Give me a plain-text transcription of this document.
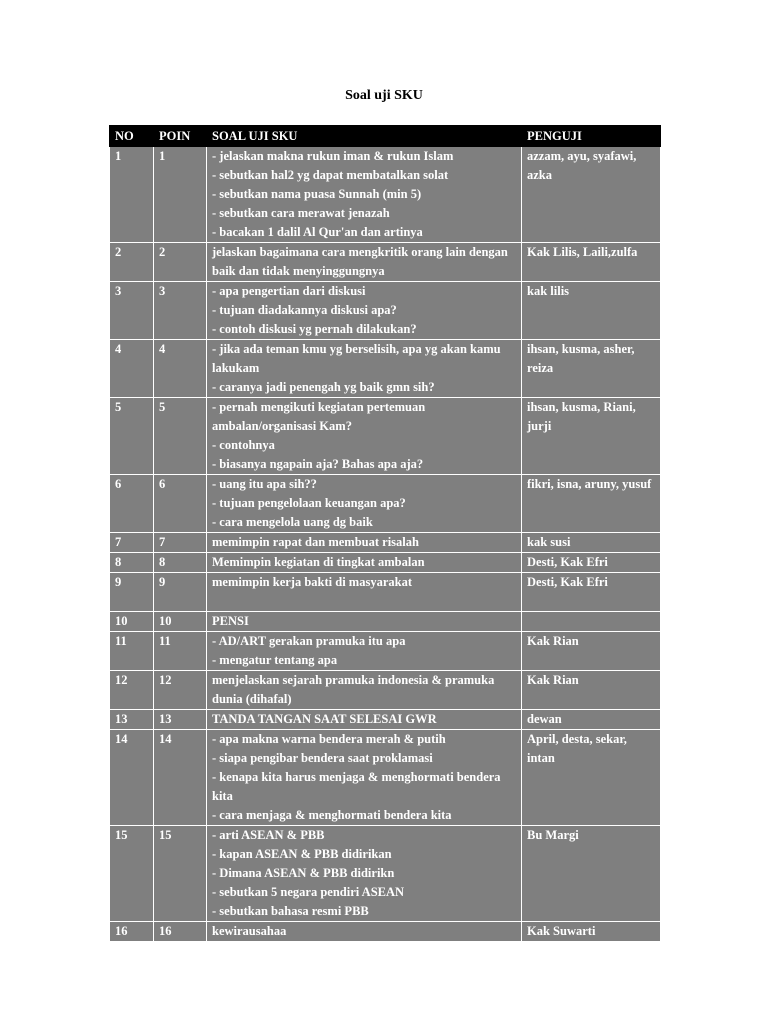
Soal uji SKU
NO	POIN	SOAL UJI SKU	PENGUJI
1	1	- jelaskan makna rukun iman & rukun Islam
- sebutkan hal2 yg dapat membatalkan solat
- sebutkan nama puasa Sunnah (min 5)
- sebutkan cara merawat jenazah
- bacakan 1 dalil Al Qur'an dan artinya	azzam, ayu, syafawi, azka
2	2	jelaskan bagaimana cara mengkritik orang lain dengan baik dan tidak menyinggungnya	Kak Lilis, Laili,zulfa
3	3	- apa pengertian dari diskusi
- tujuan diadakannya diskusi apa?
- contoh diskusi yg pernah dilakukan?	kak lilis
4	4	- jika ada teman kmu yg berselisih, apa yg akan kamu lakukam
- caranya jadi penengah yg baik gmn sih?	ihsan, kusma, asher, reiza
5	5	- pernah mengikuti kegiatan pertemuan ambalan/organisasi Kam?
- contohnya
- biasanya ngapain aja? Bahas apa aja?	ihsan, kusma, Riani, jurji
6	6	- uang itu apa sih??
- tujuan pengelolaan keuangan apa?
- cara mengelola uang dg baik	fikri, isna, aruny, yusuf
7	7	memimpin rapat dan membuat risalah	kak susi
8	8	Memimpin kegiatan di tingkat ambalan	Desti, Kak Efri
9	9	memimpin kerja bakti di masyarakat	Desti, Kak Efri
10	10	PENSI	

11	11	- AD/ART gerakan pramuka itu apa
- mengatur tentang apa	Kak Rian
12	12	menjelaskan sejarah pramuka indonesia & pramuka dunia (dihafal)	Kak Rian
13	13	TANDA TANGAN SAAT SELESAI GWR	dewan
14	14	- apa makna warna bendera merah & putih
- siapa pengibar bendera saat proklamasi
- kenapa kita harus menjaga & menghormati bendera kita
- cara menjaga & menghormati bendera kita	April, desta, sekar, intan
15	15	- arti ASEAN & PBB
- kapan ASEAN & PBB didirikan
- Dimana ASEAN & PBB didirikn
- sebutkan 5 negara pendiri ASEAN
- sebutkan bahasa resmi PBB	Bu Margi
16	16	kewirausahaa	Kak Suwarti
